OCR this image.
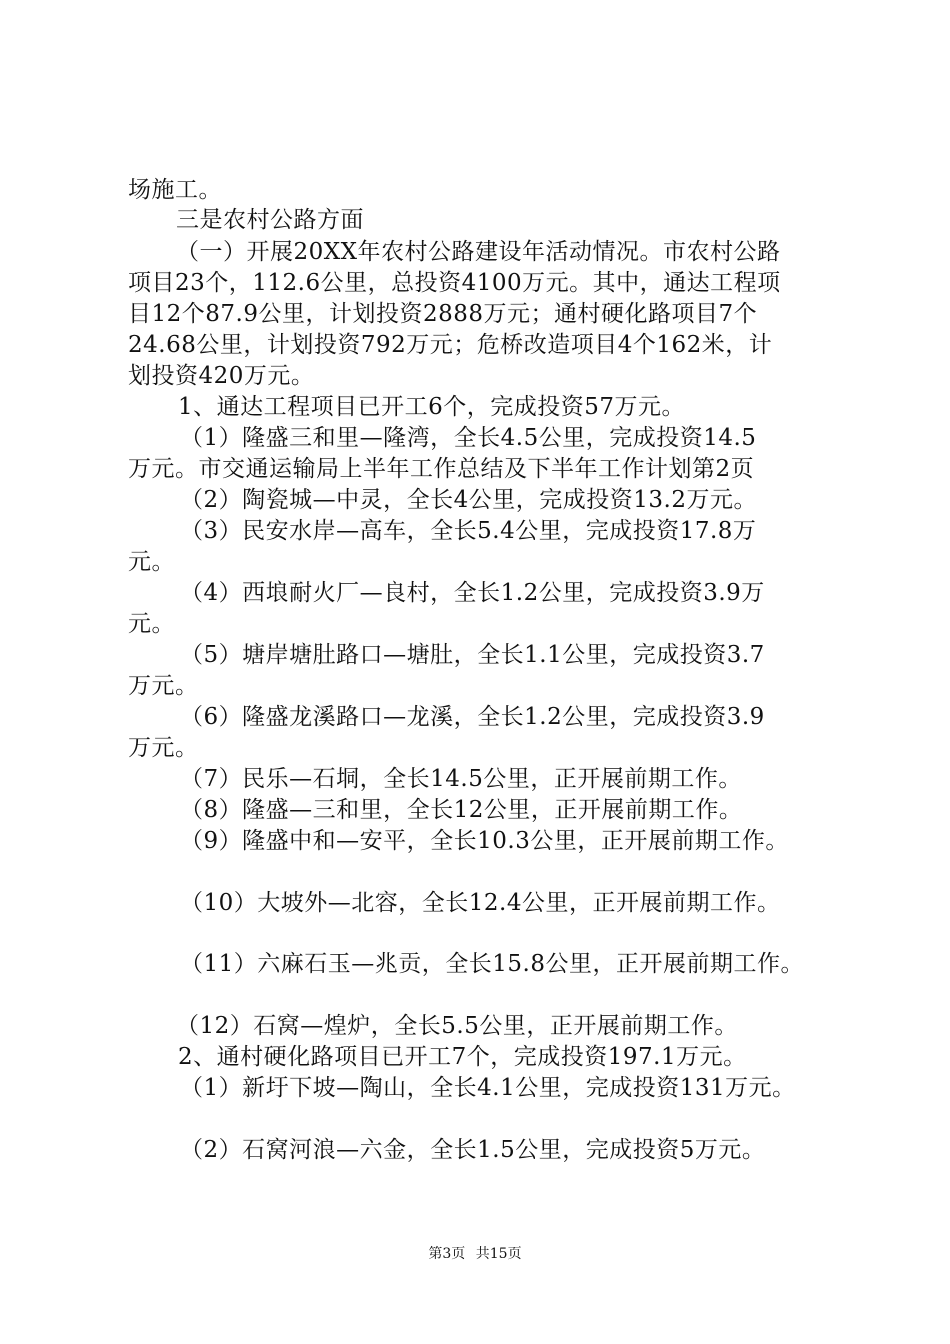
场施工。
三是农村公路方面
（一）开展20XX年农村公路建设年活动情况。市农村公路
项目23个，112.6公里，总投资4100万元。其中，通达工程项
目12个87.9公里，计划投资2888万元；通村硬化路项目7个
24.68公里，计划投资792万元；危桥改造项目4个162米，计
划投资420万元。
1、通达工程项目已开工6个，完成投资57万元。
（1）隆盛三和里—隆湾，全长4.5公里，完成投资14.5
万元。市交通运输局上半年工作总结及下半年工作计划第2页
（2）陶瓷城—中灵，全长4公里，完成投资13.2万元。
（3）民安水岸—高车，全长5.4公里，完成投资17.8万
元。
（4）西埌耐火厂—良村，全长1.2公里，完成投资3.9万
元。
（5）塘岸塘肚路口—塘肚，全长1.1公里，完成投资3.7
万元。
（6）隆盛龙溪路口—龙溪，全长1.2公里，完成投资3.9
万元。
（7）民乐—石垌，全长14.5公里，正开展前期工作。
（8）隆盛—三和里，全长12公里，正开展前期工作。
（9）隆盛中和—安平，全长10.3公里，正开展前期工作。
（10）大坡外—北容，全长12.4公里，正开展前期工作。
（11）六麻石玉—兆贡，全长15.8公里，正开展前期工作。
（12）石窝—煌炉，全长5.5公里，正开展前期工作。
2、通村硬化路项目已开工7个，完成投资197.1万元。
（1）新圩下坡—陶山，全长4.1公里，完成投资131万元。
（2）石窝河浪—六金，全长1.5公里，完成投资5万元。
第3页 共15页
